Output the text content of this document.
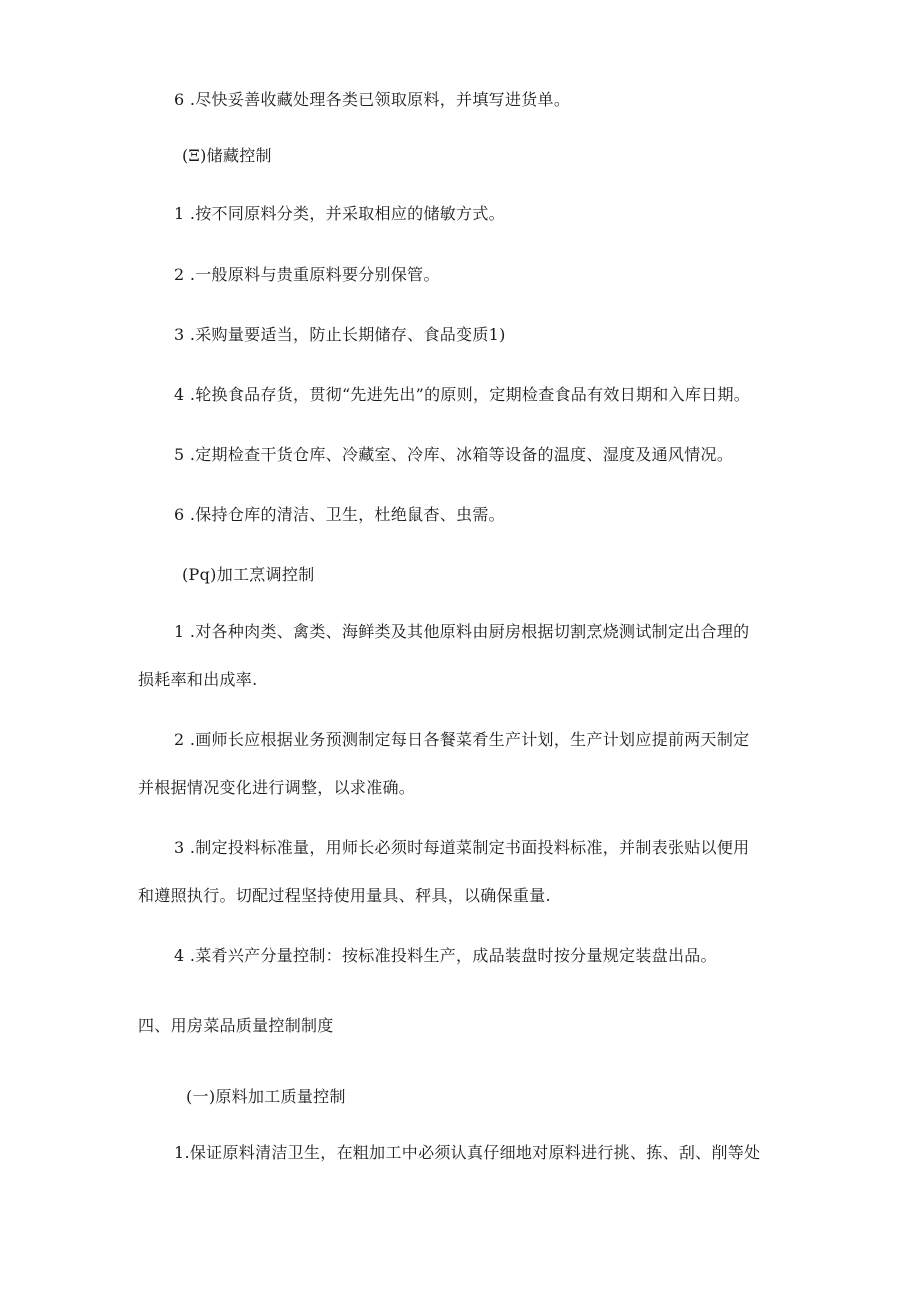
6 .尽快妥善收藏处理各类已领取原料，并填写进货单。
(Ξ)储藏控制
1 .按不同原料分类，并采取相应的储敏方式。
2 .一般原料与贵重原料要分别保管。
3 .采购量要适当，防止长期储存、食品变质1)
4 .轮换食品存货，贯彻“先进先出”的原则，定期检查食品有效日期和入库日期。
5 .定期检查干货仓库、冷藏室、冷库、冰箱等设备的温度、湿度及通风情况。
6 .保持仓库的清洁、卫生，杜绝鼠杳、虫需。
(Pq)加工烹调控制
1 .对各种肉类、禽类、海鲜类及其他原料由厨房根据切割烹烧测试制定出合理的
损耗率和出成率.
2 .画师长应根据业务预测制定每日各餐菜肴生产计划，生产计划应提前两天制定
并根据情况变化进行调整，以求准确。
3 .制定投料标准量，用师长必须时每道菜制定书面投料标准，并制表张贴以便用
和遵照执行。切配过程坚持使用量具、秤具，以确保重量.
4 .菜肴兴产分量控制：按标准投料生产，成品装盘时按分量规定装盘出品。
四、用房菜品质量控制制度
(一)原料加工质量控制
1.保证原料清洁卫生，在粗加工中必须认真仔细地对原料进行挑、拣、刮、削等处
